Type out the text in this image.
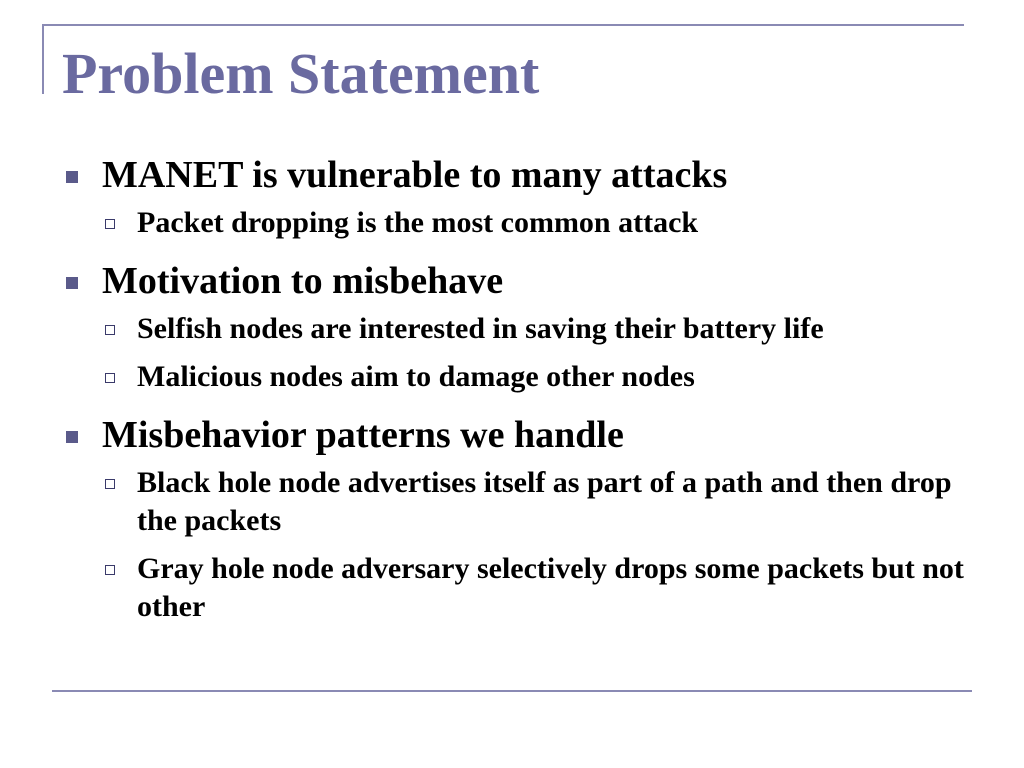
Problem Statement
MANET is vulnerable to many attacks
Packet dropping is the most common attack
Motivation to misbehave
Selfish nodes are interested in saving their battery life
Malicious nodes aim to damage other nodes
Misbehavior patterns we handle
Black hole node advertises itself as part of a path and then drop the packets
Gray hole node adversary selectively drops some packets but not other
